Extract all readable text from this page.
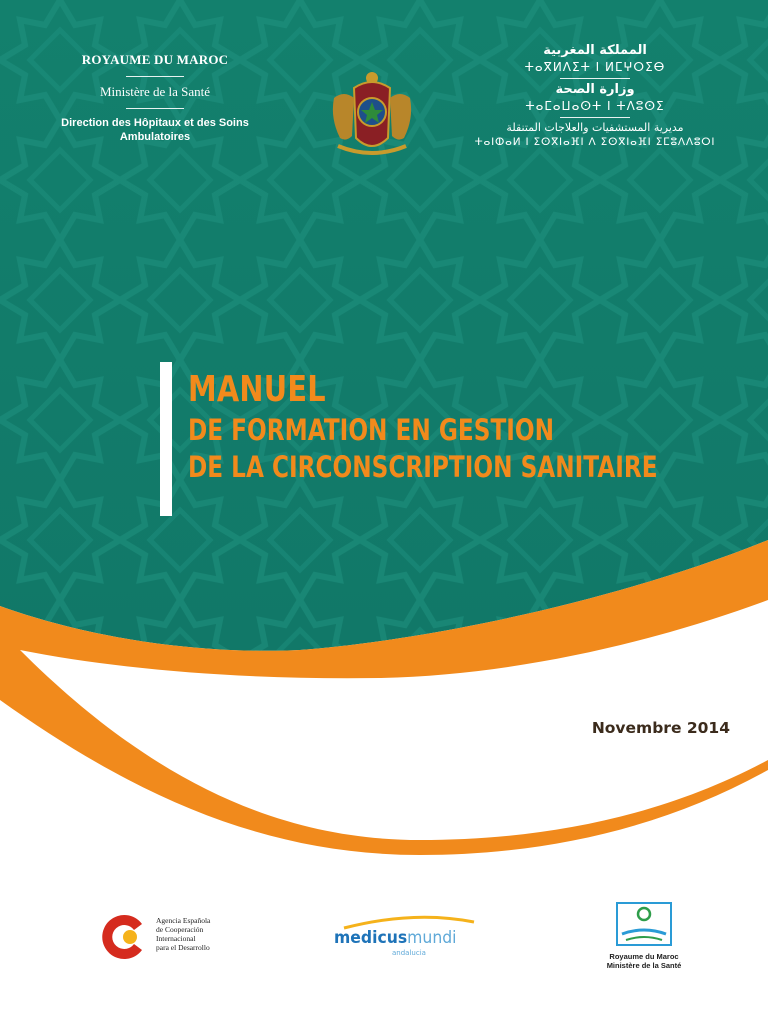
ROYAUME DU MAROC
Ministère de la Santé
Direction des Hôpitaux et des Soins
Ambulatoires
المملكة المغربية
ⵜⴰⴳⵍⴷⵉⵜ ⵏ ⵍⵎⵖⵔⵉⴱ
وزارة الصحة
ⵜⴰⵎⴰⵡⴰⵙⵜ ⵏ ⵜⴷⵓⵙⵉ
مديرية المستشفيات والعلاجات المتنقلة
ⵜⴰⵏⵀⴰⵍ ⵏ ⵉⵙⴳⵏⴰⴼⵏ ⴷ ⵉⵙⴳⵏⴰⴼⵏ ⵉⵎⵓⴷⴷⵓⵔⵏ
MANUEL
DE FORMATION EN GESTION
DE LA CIRCONSCRIPTION SANITAIRE
Novembre 2014
Agencia Española
de Cooperación
Internacional
para el Desarrollo	medicusmundi
andalucia	Royaume du Maroc
Ministère de la Santé
